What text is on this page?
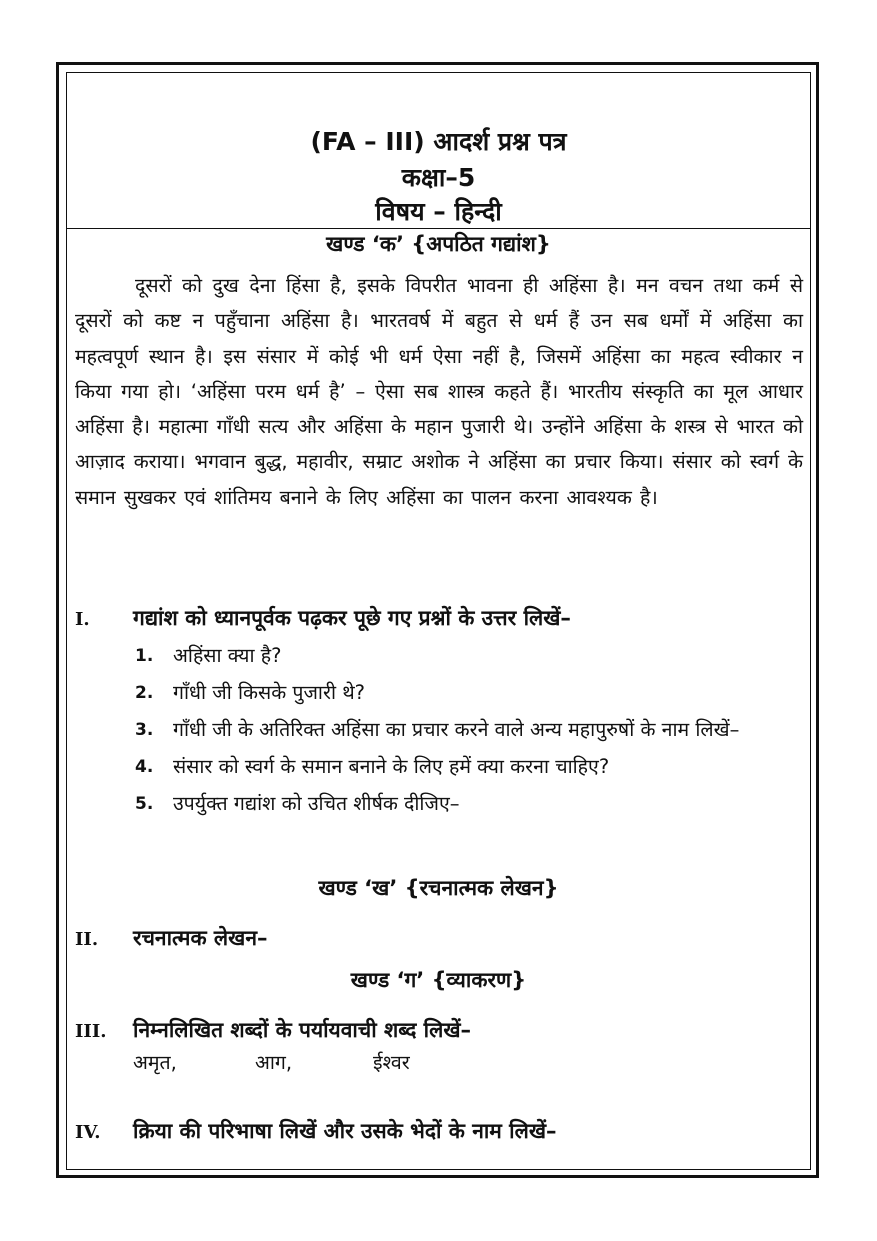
(FA – III) आदर्श प्रश्न पत्र
कक्षा–5
विषय – हिन्दी
खण्ड ‘क’ {अपठित गद्यांश}

दूसरों को दुख देना हिंसा है, इसके विपरीत भावना ही अहिंसा है। मन वचन तथा कर्म से दूसरों को कष्ट न पहुँचाना अहिंसा है। भारतवर्ष में बहुत से धर्म हैं उन सब धर्मों में अहिंसा का महत्वपूर्ण स्थान है। इस संसार में कोई भी धर्म ऐसा नहीं है, जिसमें अहिंसा का महत्व स्वीकार न किया गया हो। ‘अहिंसा परम धर्म है’ – ऐसा सब शास्त्र कहते हैं। भारतीय संस्कृति का मूल आधार अहिंसा है। महात्मा गाँधी सत्य और अहिंसा के महान पुजारी थे। उन्होंने अहिंसा के शस्त्र से भारत को आज़ाद कराया। भगवान बुद्ध, महावीर, सम्राट अशोक ने अहिंसा का प्रचार किया। संसार को स्वर्ग के समान सुखकर एवं शांतिमय बनाने के लिए अहिंसा का पालन करना आवश्यक है।

I. गद्यांश को ध्यानपूर्वक पढ़कर पूछे गए प्रश्नों के उत्तर लिखें–
1. अहिंसा क्या है?
2. गाँधी जी किसके पुजारी थे?
3. गाँधी जी के अतिरिक्त अहिंसा का प्रचार करने वाले अन्य महापुरुषों के नाम लिखें–
4. संसार को स्वर्ग के समान बनाने के लिए हमें क्या करना चाहिए?
5. उपर्युक्त गद्यांश को उचित शीर्षक दीजिए–
खण्ड ‘ख’ {रचनात्मक लेखन}
II. रचनात्मक लेखन–
खण्ड ‘ग’ {व्याकरण}
III. निम्नलिखित शब्दों के पर्यायवाची शब्द लिखें–
अमृत,	आग,	ईश्वर
IV. क्रिया की परिभाषा लिखें और उसके भेदों के नाम लिखें–
